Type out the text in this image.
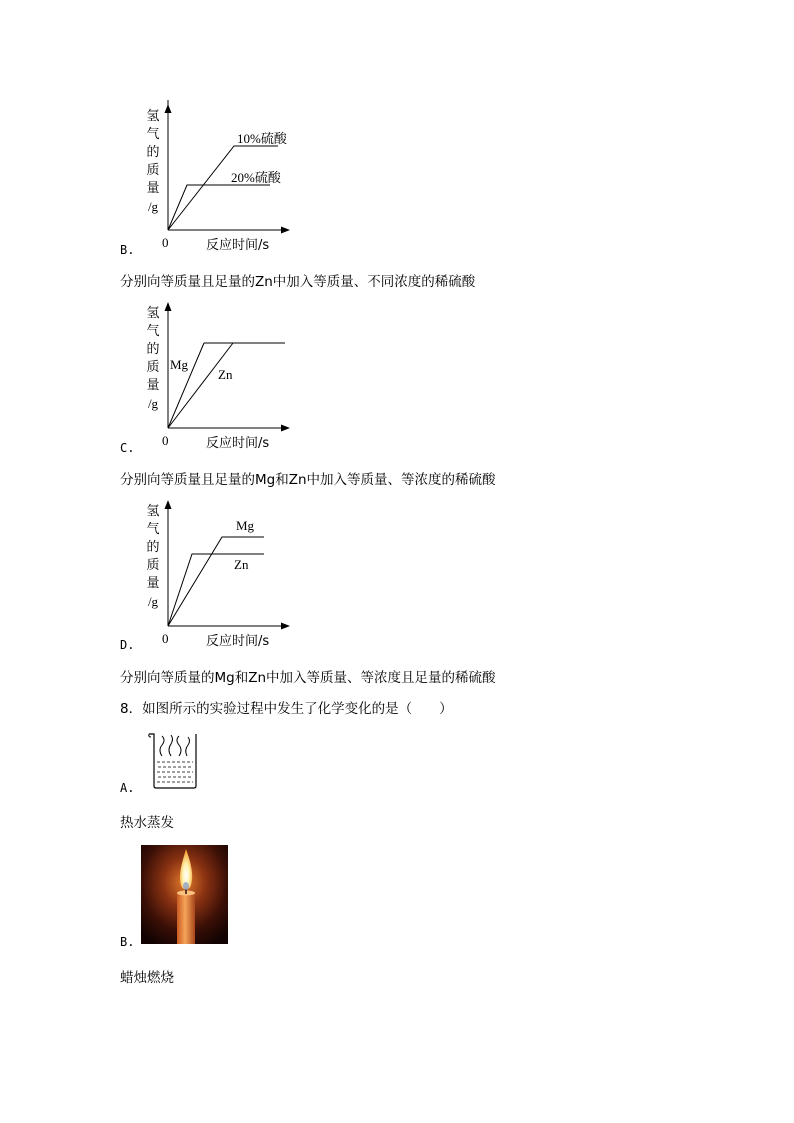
氢
气
的
质
量
/g
0	反应时间/s
10%硫酸
20%硫酸
B.
分别向等质量且足量的Zn中加入等质量、不同浓度的稀硫酸
氢
气
的
质
量
/g
0	反应时间/s
Mg
Zn
C.
分别向等质量且足量的Mg和Zn中加入等质量、等浓度的稀硫酸
氢
气
的
质
量
/g
0	反应时间/s
Mg
Zn
D.
分别向等质量的Mg和Zn中加入等质量、等浓度且足量的稀硫酸
8．如图所示的实验过程中发生了化学变化的是（　　）
A.
热水蒸发
B.
蜡烛燃烧
